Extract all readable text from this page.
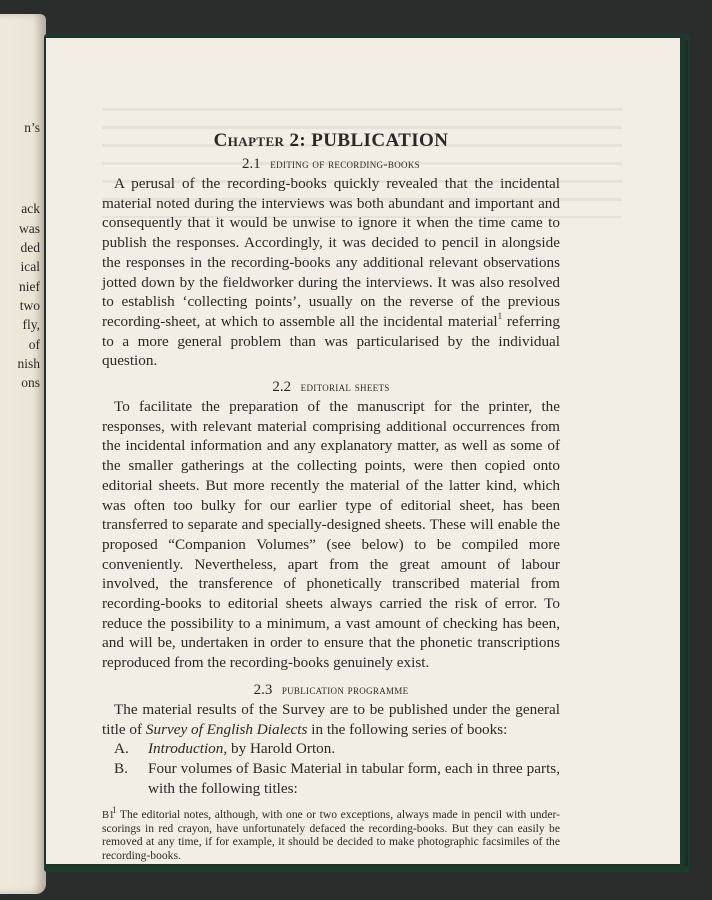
n’s
ack
was
ded
ical
nief
two
fly,
of
nish
ons
Chapter 2: PUBLICATION
2.1 editing of recording-books

A perusal of the recording-books quickly revealed that the incidental material noted during the interviews was both abundant and important and consequently that it would be unwise to ignore it when the time came to publish the responses. Accordingly, it was decided to pencil in alongside the responses in the recording-books any additional relevant observations jotted down by the fieldworker during the interviews. It was also resolved to establish ‘collecting points’, usually on the reverse of the previous recording-sheet, at which to assemble all the incidental material$^1$ referring to a more general problem than was particularised by the individual question.

2.2 editorial sheets

To facilitate the preparation of the manuscript for the printer, the responses, with relevant material comprising additional occurrences from the incidental information and any explanatory matter, as well as some of the smaller gatherings at the collecting points, were then copied onto editorial sheets. But more recently the material of the latter kind, which was often too bulky for our earlier type of editorial sheet, has been transferred to separate and specially-designed sheets. These will enable the proposed “Companion Volumes” (see below) to be compiled more conveniently. Nevertheless, apart from the great amount of labour involved, the transference of phonetically transcribed material from recording-books to editorial sheets always carried the risk of error. To reduce the possibility to a minimum, a vast amount of checking has been, and will be, undertaken in order to ensure that the phonetic transcriptions reproduced from the recording-books genuinely exist.

2.3 publication programme

The material results of the Survey are to be published under the general title of Survey of English Dialects in the following series of books:

A. Introduction, by Harold Orton.

B. Four volumes of Basic Material in tabular form, each in three parts, with the following titles:

$^1$ The editorial notes, although, with one or two exceptions, always made in pencil with under-scorings in red crayon, have unfortunately defaced the recording-books. But they can easily be removed at any time, if for example, it should be decided to make photographic facsimiles of the recording-books.

B1
